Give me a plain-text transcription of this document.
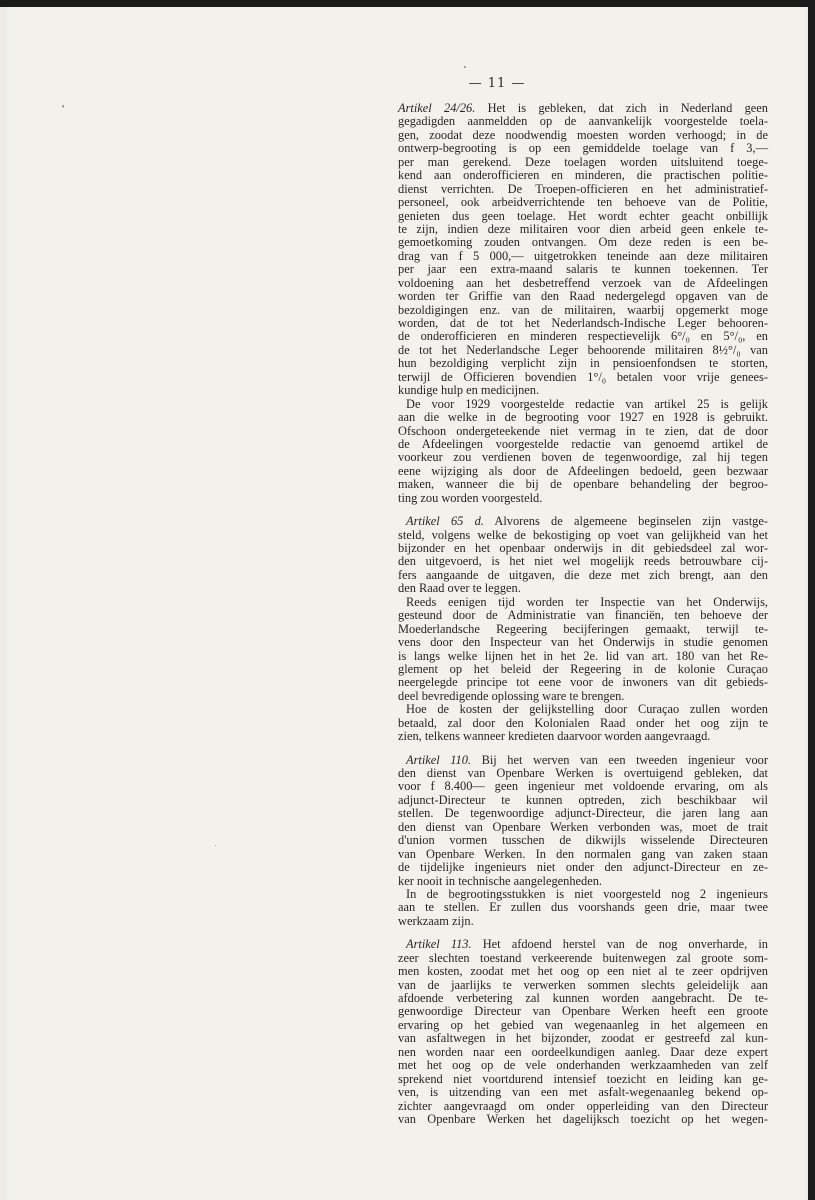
— 11 —
Artikel 24/26. Het is gebleken, dat zich in Nederland geen
gegadigden aanmeldden op de aanvankelijk voorgestelde toela-
gen, zoodat deze noodwendig moesten worden verhoogd; in de
ontwerp-begrooting is op een gemiddelde toelage van f 3,—
per man gerekend. Deze toelagen worden uitsluitend toege-
kend aan onderofficieren en minderen, die practischen politie-
dienst verrichten. De Troepen-officieren en het administratief-
personeel, ook arbeidverrichtende ten behoeve van de Politie,
genieten dus geen toelage. Het wordt echter geacht onbillijk
te zijn, indien deze militairen voor dien arbeid geen enkele te-
gemoetkoming zouden ontvangen. Om deze reden is een be-
drag van f 5 000,— uitgetrokken teneinde aan deze militairen
per jaar een extra-maand salaris te kunnen toekennen. Ter
voldoening aan het desbetreffend verzoek van de Afdeelingen
worden ter Griffie van den Raad nedergelegd opgaven van de
bezoldigingen enz. van de militairen, waarbij opgemerkt moge
worden, dat de tot het Nederlandsch-Indische Leger behooren-
de onderofficieren en minderen respectievelijk 6°/₀ en 5°/₀, en
de tot het Nederlandsche Leger behoorende militairen 8½°/₀ van
hun bezoldiging verplicht zijn in pensioenfondsen te storten,
terwijl de Officieren bovendien 1°/₀ betalen voor vrije genees-
kundige hulp en medicijnen.
De voor 1929 voorgestelde redactie van artikel 25 is gelijk
aan die welke in de begrooting voor 1927 en 1928 is gebruikt.
Ofschoon ondergeteekende niet vermag in te zien, dat de door
de Afdeelingen voorgestelde redactie van genoemd artikel de
voorkeur zou verdienen boven de tegenwoordige, zal hij tegen
eene wijziging als door de Afdeelingen bedoeld, geen bezwaar
maken, wanneer die bij de openbare behandeling der begroo-
ting zou worden voorgesteld.
Artikel 65 d. Alvorens de algemeene beginselen zijn vastge-
steld, volgens welke de bekostiging op voet van gelijkheid van het
bijzonder en het openbaar onderwijs in dit gebiedsdeel zal wor-
den uitgevoerd, is het niet wel mogelijk reeds betrouwbare cij-
fers aangaande de uitgaven, die deze met zich brengt, aan den
den Raad over te leggen.
Reeds eenigen tijd worden ter Inspectie van het Onderwijs,
gesteund door de Administratie van financiën, ten behoeve der
Moederlandsche Regeering becijferingen gemaakt, terwijl te-
vens door den Inspecteur van het Onderwijs in studie genomen
is langs welke lijnen het in het 2e. lid van art. 180 van het Re-
glement op het beleid der Regeering in de kolonie Curaçao
neergelegde principe tot eene voor de inwoners van dit gebieds-
deel bevredigende oplossing ware te brengen.
Hoe de kosten der gelijkstelling door Curaçao zullen worden
betaald, zal door den Kolonialen Raad onder het oog zijn te
zien, telkens wanneer kredieten daarvoor worden aangevraagd.
Artikel 110. Bij het werven van een tweeden ingenieur voor
den dienst van Openbare Werken is overtuigend gebleken, dat
voor f 8.400— geen ingenieur met voldoende ervaring, om als
adjunct-Directeur te kunnen optreden, zich beschikbaar wil
stellen. De tegenwoordige adjunct-Directeur, die jaren lang aan
den dienst van Openbare Werken verbonden was, moet de trait
d'union vormen tusschen de dikwijls wisselende Directeuren
van Openbare Werken. In den normalen gang van zaken staan
de tijdelijke ingenieurs niet onder den adjunct-Directeur en ze-
ker nooit in technische aangelegenheden.
In de begrootingsstukken is niet voorgesteld nog 2 ingenieurs
aan te stellen. Er zullen dus voorshands geen drie, maar twee
werkzaam zijn.
Artikel 113. Het afdoend herstel van de nog onverharde, in
zeer slechten toestand verkeerende buitenwegen zal groote som-
men kosten, zoodat met het oog op een niet al te zeer opdrijven
van de jaarlijks te verwerken sommen slechts geleidelijk aan
afdoende verbetering zal kunnen worden aangebracht. De te-
genwoordige Directeur van Openbare Werken heeft een groote
ervaring op het gebied van wegenaanleg in het algemeen en
van asfaltwegen in het bijzonder, zoodat er gestreefd zal kun-
nen worden naar een oordeelkundigen aanleg. Daar deze expert
met het oog op de vele onderhanden werkzaamheden van zelf
sprekend niet voortdurend intensief toezicht en leiding kan ge-
ven, is uitzending van een met asfalt-wegenaanleg bekend op-
zichter aangevraagd om onder opperleiding van den Directeur
van Openbare Werken het dagelijksch toezicht op het wegen-
